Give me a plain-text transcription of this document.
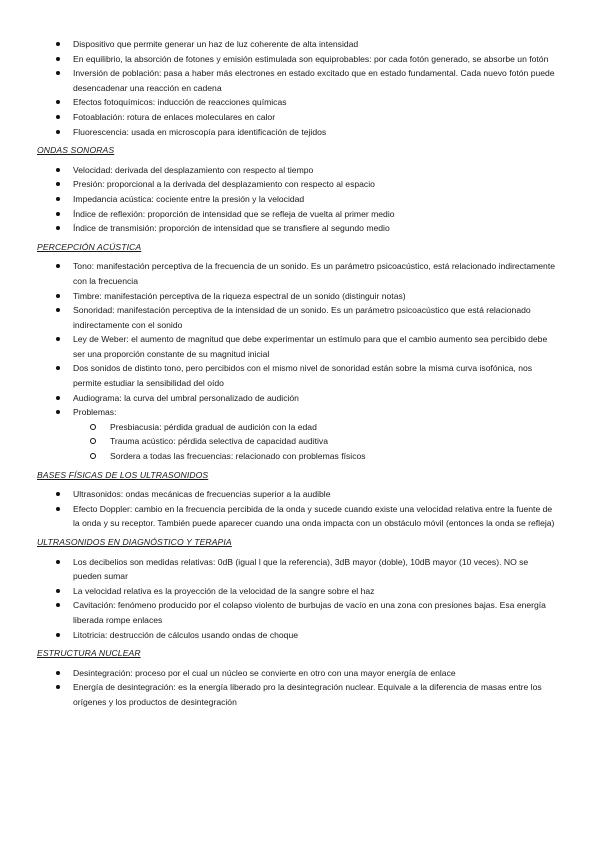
Dispositivo que permite generar un haz de luz coherente de alta intensidad
En equilibrio, la absorción de fotones y emisión estimulada son equiprobables: por cada fotón generado, se absorbe un fotón
Inversión de población: pasa a haber más electrones en estado excitado que en estado fundamental. Cada nuevo fotón puede desencadenar una reacción en cadena
Efectos fotoquímicos: inducción de reacciones químicas
Fotoablación: rotura de enlaces moleculares en calor
Fluorescencia: usada en microscopía para identificación de tejidos
ONDAS SONORAS
Velocidad: derivada del desplazamiento con respecto al tiempo
Presión: proporcional a la derivada del desplazamiento con respecto al espacio
Impedancia acústica: cociente entre la presión y la velocidad
Índice de reflexión: proporción de intensidad que se refleja de vuelta al primer medio
Índice de transmisión: proporción de intensidad que se transfiere al segundo medio
PERCEPCIÓN ACÚSTICA
Tono: manifestación perceptiva de la frecuencia de un sonido. Es un parámetro psicoacústico, está relacionado indirectamente con la frecuencia
Timbre: manifestación perceptiva de la riqueza espectral de un sonido (distinguir notas)
Sonoridad: manifestación perceptiva de la intensidad de un sonido. Es un parámetro psicoacústico que está relacionado indirectamente con el sonido
Ley de Weber: el aumento de magnitud que debe experimentar un estímulo para que el cambio aumento sea percibido debe ser una proporción constante de su magnitud inicial
Dos sonidos de distinto tono, pero percibidos con el mismo nivel de sonoridad están sobre la misma curva isofónica, nos permite estudiar la sensibilidad del oído
Audiograma: la curva del umbral personalizado de audición
Problemas:
Presbiacusia: pérdida gradual de audición con la edad
Trauma acústico: pérdida selectiva de capacidad auditiva
Sordera a todas las frecuencias: relacionado con problemas físicos
BASES FÍSICAS DE LOS ULTRASONIDOS
Ultrasonidos: ondas mecánicas de frecuencias superior a la audible
Efecto Doppler: cambio en la frecuencia percibida de la onda y sucede cuando existe una velocidad relativa entre la fuente de la onda y su receptor. También puede aparecer cuando una onda impacta con un obstáculo móvil (entonces la onda se refleja)
ULTRASONIDOS EN DIAGNÓSTICO Y TERAPIA
Los decibelios son medidas relativas: 0dB (igual l que la referencia), 3dB mayor (doble), 10dB mayor (10 veces). NO se pueden sumar
La velocidad relativa es la proyección de la velocidad de la sangre sobre el haz
Cavitación: fenómeno producido por el colapso violento de burbujas de vacío en una zona con presiones bajas. Esa energía liberada rompe enlaces
Litotricia: destrucción de cálculos usando ondas de choque
ESTRUCTURA NUCLEAR
Desintegración: proceso por el cual un núcleo se convierte en otro con una mayor energía de enlace
Energía de desintegración: es la energía liberado pro la desintegración nuclear. Equivale a la diferencia de masas entre los orígenes y los productos de desintegración
